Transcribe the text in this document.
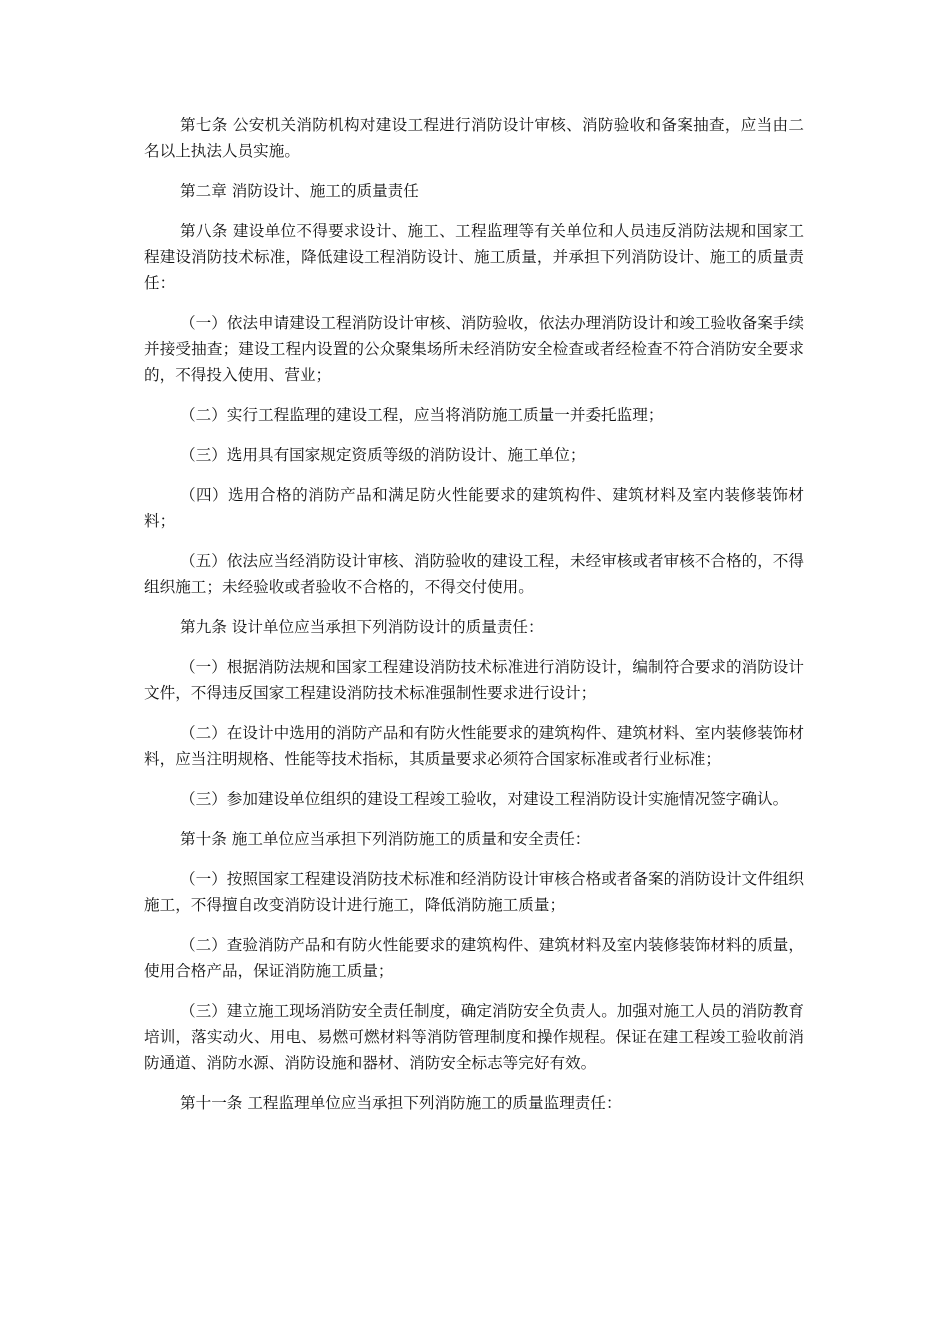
第七条 公安机关消防机构对建设工程进行消防设计审核、消防验收和备案抽查，应当由二名以上执法人员实施。

第二章 消防设计、施工的质量责任

第八条 建设单位不得要求设计、施工、工程监理等有关单位和人员违反消防法规和国家工程建设消防技术标准，降低建设工程消防设计、施工质量，并承担下列消防设计、施工的质量责任：

（一）依法申请建设工程消防设计审核、消防验收，依法办理消防设计和竣工验收备案手续并接受抽查；建设工程内设置的公众聚集场所未经消防安全检查或者经检查不符合消防安全要求的，不得投入使用、营业；

（二）实行工程监理的建设工程，应当将消防施工质量一并委托监理；

（三）选用具有国家规定资质等级的消防设计、施工单位；

（四）选用合格的消防产品和满足防火性能要求的建筑构件、建筑材料及室内装修装饰材料；

（五）依法应当经消防设计审核、消防验收的建设工程，未经审核或者审核不合格的，不得组织施工；未经验收或者验收不合格的，不得交付使用。

第九条 设计单位应当承担下列消防设计的质量责任：

（一）根据消防法规和国家工程建设消防技术标准进行消防设计，编制符合要求的消防设计文件，不得违反国家工程建设消防技术标准强制性要求进行设计；

（二）在设计中选用的消防产品和有防火性能要求的建筑构件、建筑材料、室内装修装饰材料，应当注明规格、性能等技术指标，其质量要求必须符合国家标准或者行业标准；

（三）参加建设单位组织的建设工程竣工验收，对建设工程消防设计实施情况签字确认。

第十条 施工单位应当承担下列消防施工的质量和安全责任：

（一）按照国家工程建设消防技术标准和经消防设计审核合格或者备案的消防设计文件组织施工，不得擅自改变消防设计进行施工，降低消防施工质量；

（二）查验消防产品和有防火性能要求的建筑构件、建筑材料及室内装修装饰材料的质量，使用合格产品，保证消防施工质量；

（三）建立施工现场消防安全责任制度，确定消防安全负责人。加强对施工人员的消防教育培训，落实动火、用电、易燃可燃材料等消防管理制度和操作规程。保证在建工程竣工验收前消防通道、消防水源、消防设施和器材、消防安全标志等完好有效。

第十一条 工程监理单位应当承担下列消防施工的质量监理责任：
